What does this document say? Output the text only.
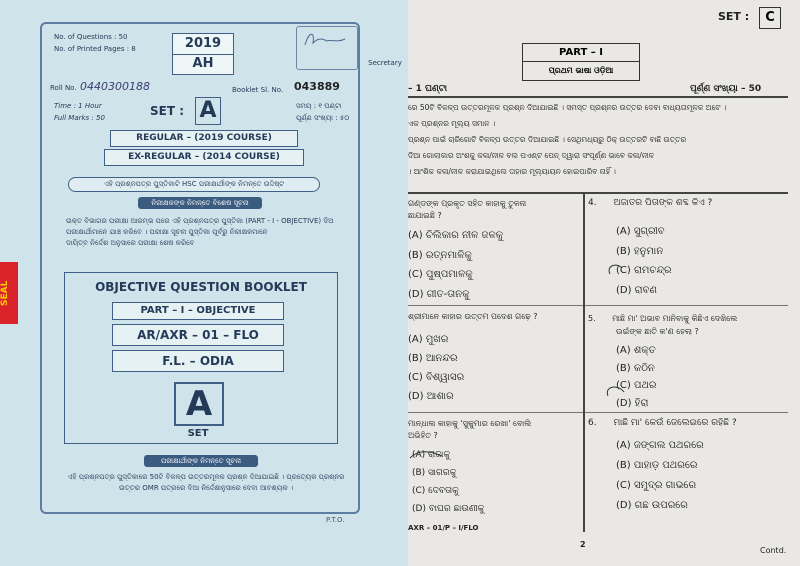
SEAL
No. of Questions : 50
No. of Printed Pages : 8	2019
AH	Secretary
Roll No. 0440300188	Booklet Sl. No. 043889
Time : 1 Hour
Full Marks : 50	SET : A	ସମୟ : ୧ ଘଣ୍ଟା
ପୂର୍ଣ୍ଣ ସଂଖ୍ୟା : ୫୦
REGULAR – (2019 COURSE)
EX-REGULAR – (2014 COURSE)
ଏହି ପ୍ରଶ୍ନପତ୍ର ପୁସ୍ତିକାଟି HSC ପରୀକ୍ଷାର୍ଥୀଙ୍କ ନିମନ୍ତେ ଉଦ୍ଦିଷ୍ଟ
ନିରୀକ୍ଷକଙ୍କ ନିମନ୍ତେ ବିଶେଷ ସୂଚନା
ଉକ୍ତ ବିଭାଗର ପରୀକ୍ଷା ଆରମ୍ଭ ପରେ ଏହି ପ୍ରଶ୍ନପତ୍ର ପୁସ୍ତିକା (PART - I - OBJECTIVE) ଦିଅ
ପରୀକ୍ଷାର୍ଥୀମାନେ ଯାଞ୍ଚ କରିବେ । ପରୀକ୍ଷା ସୂଚନା ପୁସ୍ତିକା ପୂର୍ବରୁ ନିରୀକ୍ଷକମାନେ
ଦାୟିତ୍ବ ନିର୍ଦ୍ଦେଶ ଅନୁସାରେ ପରୀକ୍ଷା ଶେଷ କରିବେ
OBJECTIVE QUESTION BOOKLET
PART – I – OBJECTIVE
AR/AXR – 01 – FLO
F.L. – ODIA
A
SET
ପରୀକ୍ଷାର୍ଥୀଙ୍କ ନିମନ୍ତେ ସୂଚନା
ଏହି ପ୍ରଶ୍ନପତ୍ର ପୁସ୍ତିକାରେ 50ଟି ବିକଳ୍ପ ଉତ୍ତରମୂଳକ ପ୍ରଶ୍ନ ଦିଆଯାଇଛି । ପ୍ରତ୍ୟେକ ପ୍ରଶ୍ନର
ଉତ୍ତର OMR ପତ୍ରରେ ଦିଆ ନିର୍ଦ୍ଦେଶାନୁସାରେ ଦେବା ଆବଶ୍ୟକ ।
P.T.O.
SET :	C
PART – I
ପ୍ରଥମ ଭାଷା ଓଡ଼ିଆ
– 1 ଘଣ୍ଟା	ପୂର୍ଣ୍ଣ ସଂଖ୍ୟା – 50
ରେ 50ଟି ବିକଳ୍ପ ଉତ୍ତରମୂଳକ ପ୍ରଶ୍ନ ଦିଆଯାଇଛି । ସମସ୍ତ ପ୍ରଶ୍ନର ଉତ୍ତର ଦେବା ବାଧ୍ୟତାମୂଳକ ଅଟେ ।
ଏକ ପ୍ରଶ୍ନର ମୂଲ୍ୟ ସମାନ ।
ପ୍ରଶ୍ନ ପାଇଁ ଚାରିଗୋଟି ବିକଳ୍ପ ଉତ୍ତର ଦିଆଯାଇଛି । ସେଥିମଧ୍ୟରୁ ଠିକ୍ ଉତ୍ତରଟି ବାଛି ଉତ୍ତର
ଦିଆ ଗୋଲାକାର ଅଂଶକୁ କଳା/ନୀଳ ବଲ ପଏଣ୍ଟ ପେନ୍ ଦ୍ୱାରା ସଂପୂର୍ଣ୍ଣ ଭାବେ କଳା/ନୀଳ
। ଆଂଶିକ କଳା/ନୀଳ କରାଯାଇଥିଲେ ତାହାର ମୂଲ୍ୟାୟନ ହୋଇପାରିବ ନାହିଁ ।
ଗଣ୍ଡଙ୍କ ପ୍ରକୃତ ସହିତ କାହାକୁ ତୁଳନା
ଛାଯାଇଛି ?
(A) ଚିଲିକାର ନୀଳ ଜଳକୁ
(B) ରତ୍ନମାଳିକୁ
(C) ପୁଷ୍ପମାଳକୁ
(D) ଗୀତ-ତାନକୁ
ଶ୍ରୀମାନେ କାହାର ଉତ୍ତମ ପଦେଶ ଗଢ଼େ ?
(A) ମୁଖର
(B) ଆନନ୍ଦର
(C) ବିଶ୍ୱାସର
(D) ଆଶାର
ମାନ୍ଧାଳା କାହାକୁ 'ସୁକୁମାର ରେଖା' ବୋଲି
ଅଭିହିତ ?
(A) ରାଜାକୁ
(B) ସାଗରକୁ
(C) ଦେବତାକୁ
(D) ବାଘର ଛାଉଣୀକୁ
4. ଅଜାତର ପିତାଙ୍କ ଶବ୍ଦ କିଏ ?
(A) ସୁଗ୍ରୀବ
(B) ହନୁମାନ
(C) ରାମଚନ୍ଦ୍ର
(D) ରାବଣ
5. ମାଛି ମା' ଅଭାବ ମାନିବାକୁ କିଛିଏ ଦେଖିଲେ
ଉଇଁଙ୍କ ଛାତି କ'ଣ ହେଲା ?
(A) ଶକ୍ତ
(B) କଠିନ
(C) ପଥର
(D) ହିରା
6. ମାଛି ମା' କେଉଁ ଜେଲେଇରେ ରହିଛି ?
(A) ଜଙ୍ଗଲ ପଥରରେ
(B) ପାହାଡ଼ ପଥରରେ
(C) ସମୁଦ୍ର ଗାଭରେ
(D) ଗଛ ଉପରରେ
AXR – 01/P – I/FLO
2
Contd.
